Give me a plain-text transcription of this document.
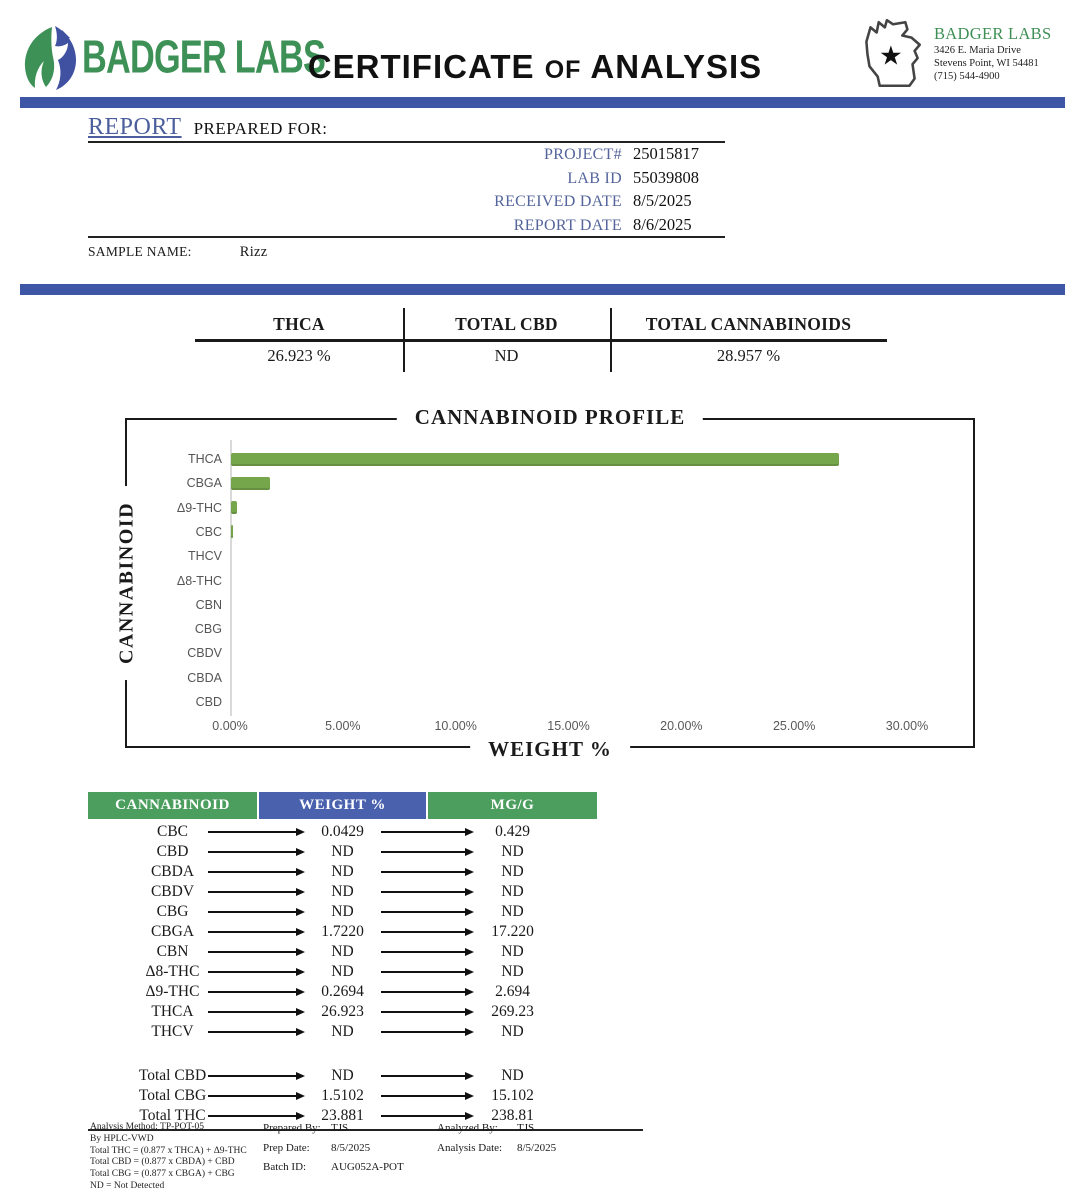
BADGER LABS
CERTIFICATE OF ANALYSIS	★
BADGER LABS
3426 E. Maria Drive
Stevens Point, WI 54481
(715) 544-4900
REPORT PREPARED FOR:
PROJECT# 25015817
LAB ID 55039808
RECEIVED DATE 8/5/2025
REPORT DATE 8/6/2025
SAMPLE NAME:	Rizz
THCA	TOTAL CBD	TOTAL CANNABINOIDS
26.923 %	ND	28.957 %
CANNABINOID PROFILE
CANNABINOID
WEIGHT %
THCA
CBGA
Δ9-THC
CBC
THCV
Δ8-THC
CBN
CBG
CBDV
CBDA
CBD
0.00%	5.00%	10.00%	15.00%	20.00%	25.00%	30.00%
CANNABINOID	WEIGHT %	MG/G
CBC	0.0429	0.429
CBD	ND	ND
CBDA	ND	ND
CBDV	ND	ND
CBG	ND	ND
CBGA	1.7220	17.220
CBN	ND	ND
Δ8-THC	ND	ND
Δ9-THC	0.2694	2.694
THCA	26.923	269.23
THCV	ND	ND
Total CBD	ND	ND
Total CBG	1.5102	15.102
Total THC	23.881	238.81
Analysis Method: TP-POT-05
By HPLC-VWD
Total THC = (0.877 x THCA) + Δ9-THC
Total CBD = (0.877 x CBDA) + CBD
Total CBG = (0.877 x CBGA) + CBG
ND = Not Detected
Prepared By: TJS
Prep Date: 8/5/2025
Batch ID: AUG052A-POT
Analyzed By: TJS
Analysis Date: 8/5/2025
